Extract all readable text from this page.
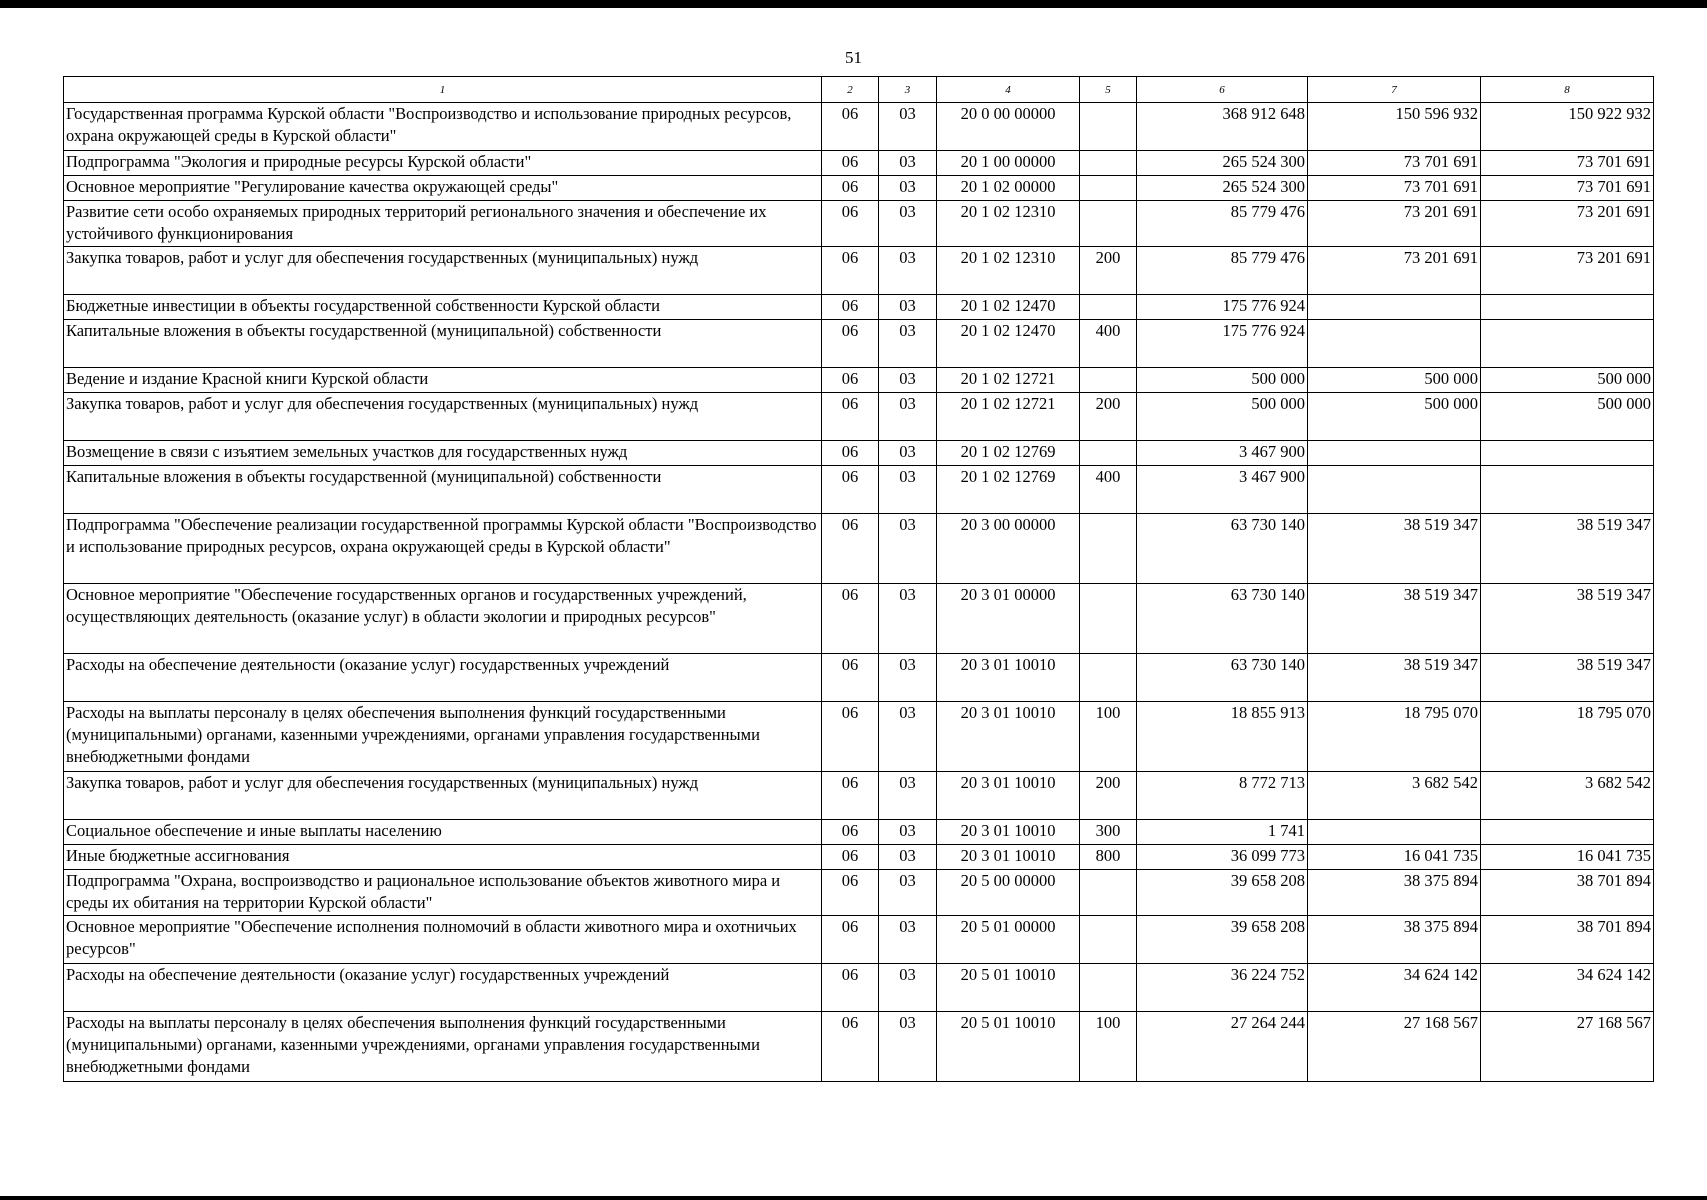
51
1	2	3	4	5	6	7	8
Государственная программа Курской области "Воспроизводство и использование природных ресурсов, охрана окружающей среды в Курской области"	06	03	20 0 00 00000		368 912 648	150 596 932	150 922 932
Подпрограмма "Экология и природные ресурсы Курской области"	06	03	20 1 00 00000		265 524 300	73 701 691	73 701 691
Основное мероприятие "Регулирование качества окружающей среды"	06	03	20 1 02 00000		265 524 300	73 701 691	73 701 691
Развитие сети особо охраняемых природных территорий регионального значения и обеспечение их устойчивого функционирования	06	03	20 1 02 12310		85 779 476	73 201 691	73 201 691
Закупка товаров, работ и услуг для обеспечения государственных (муниципальных) нужд	06	03	20 1 02 12310	200	85 779 476	73 201 691	73 201 691
Бюджетные инвестиции в объекты государственной собственности Курской области	06	03	20 1 02 12470		175 776 924		
Капитальные вложения в объекты государственной (муниципальной) собственности	06	03	20 1 02 12470	400	175 776 924		
Ведение и издание Красной книги Курской области	06	03	20 1 02 12721		500 000	500 000	500 000
Закупка товаров, работ и услуг для обеспечения государственных (муниципальных) нужд	06	03	20 1 02 12721	200	500 000	500 000	500 000
Возмещение в связи с изъятием земельных участков для государственных нужд	06	03	20 1 02 12769		3 467 900		
Капитальные вложения в объекты государственной (муниципальной) собственности	06	03	20 1 02 12769	400	3 467 900		
Подпрограмма "Обеспечение реализации государственной программы Курской области "Воспроизводство и использование природных ресурсов, охрана окружающей среды в Курской области"	06	03	20 3 00 00000		63 730 140	38 519 347	38 519 347
Основное мероприятие "Обеспечение государственных органов и государственных учреждений, осуществляющих деятельность (оказание услуг) в области экологии и природных ресурсов"	06	03	20 3 01 00000		63 730 140	38 519 347	38 519 347
Расходы на обеспечение деятельности (оказание услуг) государственных учреждений	06	03	20 3 01 10010		63 730 140	38 519 347	38 519 347
Расходы на выплаты персоналу в целях обеспечения выполнения функций государственными (муниципальными) органами, казенными учреждениями, органами управления государственными внебюджетными фондами	06	03	20 3 01 10010	100	18 855 913	18 795 070	18 795 070
Закупка товаров, работ и услуг для обеспечения государственных (муниципальных) нужд	06	03	20 3 01 10010	200	8 772 713	3 682 542	3 682 542
Социальное обеспечение и иные выплаты населению	06	03	20 3 01 10010	300	1 741		
Иные бюджетные ассигнования	06	03	20 3 01 10010	800	36 099 773	16 041 735	16 041 735
Подпрограмма "Охрана, воспроизводство и рациональное использование объектов животного мира и среды их обитания на территории Курской области"	06	03	20 5 00 00000		39 658 208	38 375 894	38 701 894
Основное мероприятие "Обеспечение исполнения полномочий в области животного мира и охотничьих ресурсов"	06	03	20 5 01 00000		39 658 208	38 375 894	38 701 894
Расходы на обеспечение деятельности (оказание услуг) государственных учреждений	06	03	20 5 01 10010		36 224 752	34 624 142	34 624 142
Расходы на выплаты персоналу в целях обеспечения выполнения функций государственными (муниципальными) органами, казенными учреждениями, органами управления государственными внебюджетными фондами	06	03	20 5 01 10010	100	27 264 244	27 168 567	27 168 567
